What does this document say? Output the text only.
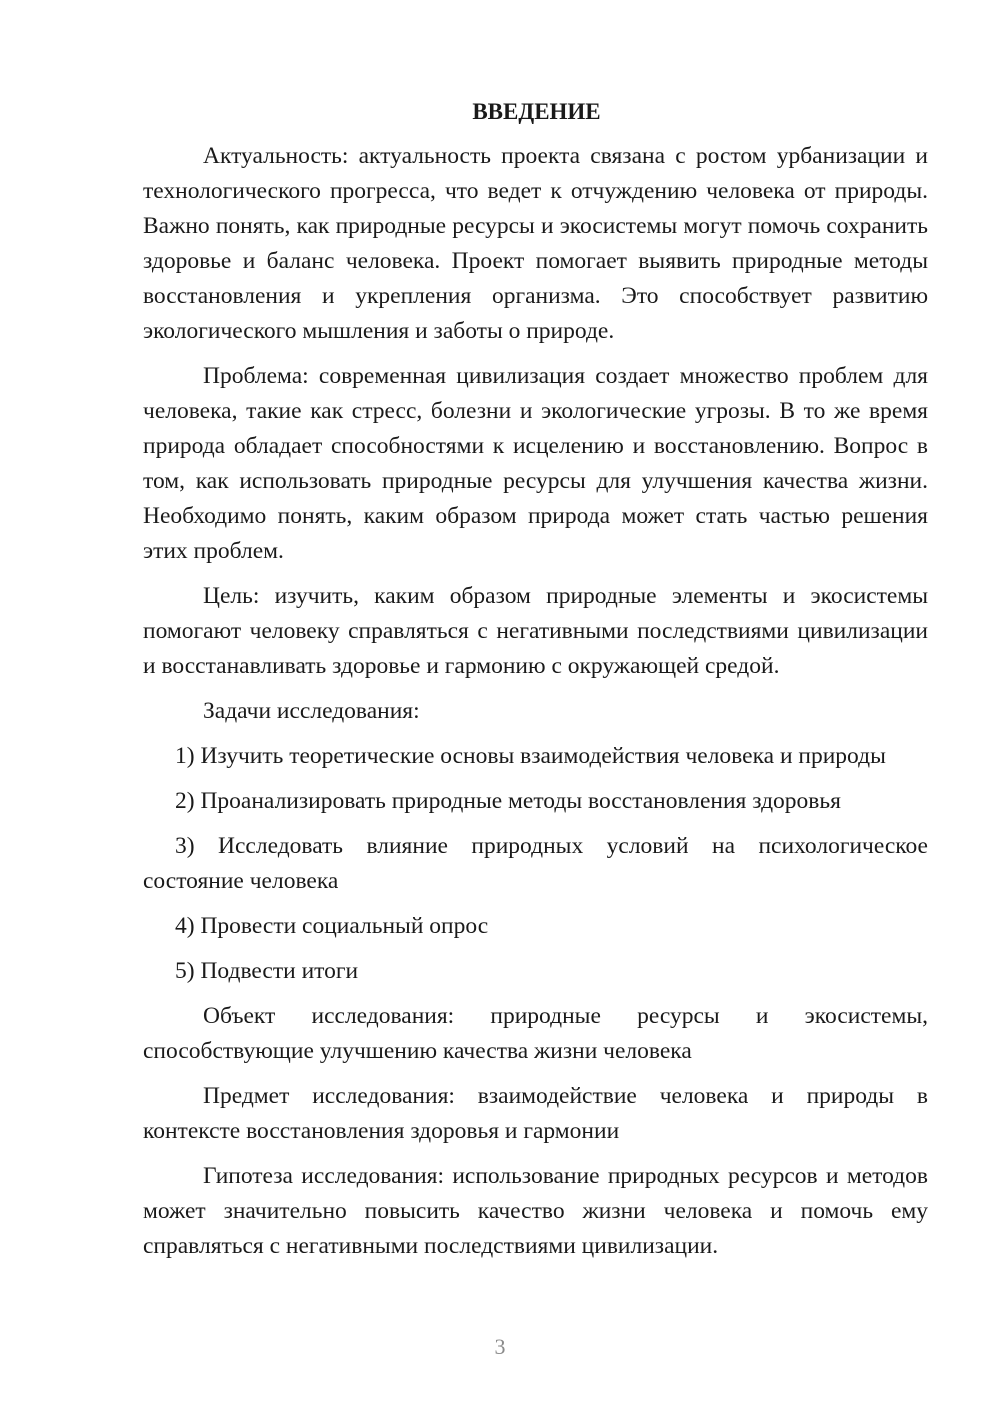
ВВЕДЕНИЕ

Актуальность: актуальность проекта связана с ростом урбанизации и технологического прогресса, что ведет к отчуждению человека от природы. Важно понять, как природные ресурсы и экосистемы могут помочь сохранить здоровье и баланс человека. Проект помогает выявить природные методы восстановления и укрепления организма. Это способствует развитию экологического мышления и заботы о природе.

Проблема: современная цивилизация создает множество проблем для человека, такие как стресс, болезни и экологические угрозы. В то же время природа обладает способностями к исцелению и восстановлению. Вопрос в том, как использовать природные ресурсы для улучшения качества жизни. Необходимо понять, каким образом природа может стать частью решения этих проблем.

Цель: изучить, каким образом природные элементы и экосистемы помогают человеку справляться с негативными последствиями цивилизации и восстанавливать здоровье и гармонию с окружающей средой.

Задачи исследования:

1) Изучить теоретические основы взаимодействия человека и природы

2) Проанализировать природные методы восстановления здоровья

3) Исследовать влияние природных условий на психологическое состояние человека

4) Провести социальный опрос

5) Подвести итоги

Объект исследования: природные ресурсы и экосистемы, способствующие улучшению качества жизни человека

Предмет исследования: взаимодействие человека и природы в контексте восстановления здоровья и гармонии

Гипотеза исследования: использование природных ресурсов и методов может значительно повысить качество жизни человека и помочь ему справляться с негативными последствиями цивилизации.

3
